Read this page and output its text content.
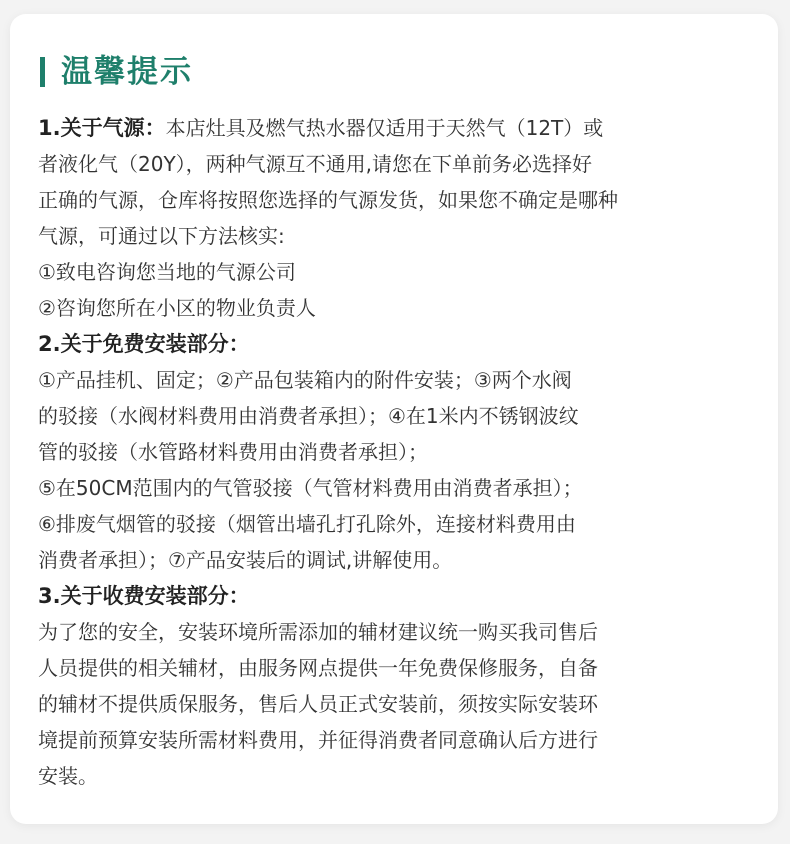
温馨提示
1.关于气源：本店灶具及燃气热水器仅适用于天然气（12T）或
者液化气（20Y），两种气源互不通用,请您在下单前务必选择好
正确的气源，仓库将按照您选择的气源发货，如果您不确定是哪种
气源，可通过以下方法核实:
①致电咨询您当地的气源公司
②咨询您所在小区的物业负责人
2.关于免费安装部分：
①产品挂机、固定；②产品包装箱内的附件安装；③两个水阀
的驳接（水阀材料费用由消费者承担）；④在1米内不锈钢波纹
管的驳接（水管路材料费用由消费者承担）；
⑤在50CM范围内的气管驳接（气管材料费用由消费者承担）；
⑥排废气烟管的驳接（烟管出墙孔打孔除外，连接材料费用由
消费者承担）；⑦产品安装后的调试,讲解使用。
3.关于收费安装部分：
为了您的安全，安装环境所需添加的辅材建议统一购买我司售后
人员提供的相关辅材，由服务网点提供一年免费保修服务，自备
的辅材不提供质保服务，售后人员正式安装前，须按实际安装环
境提前预算安装所需材料费用，并征得消费者同意确认后方进行
安装。
